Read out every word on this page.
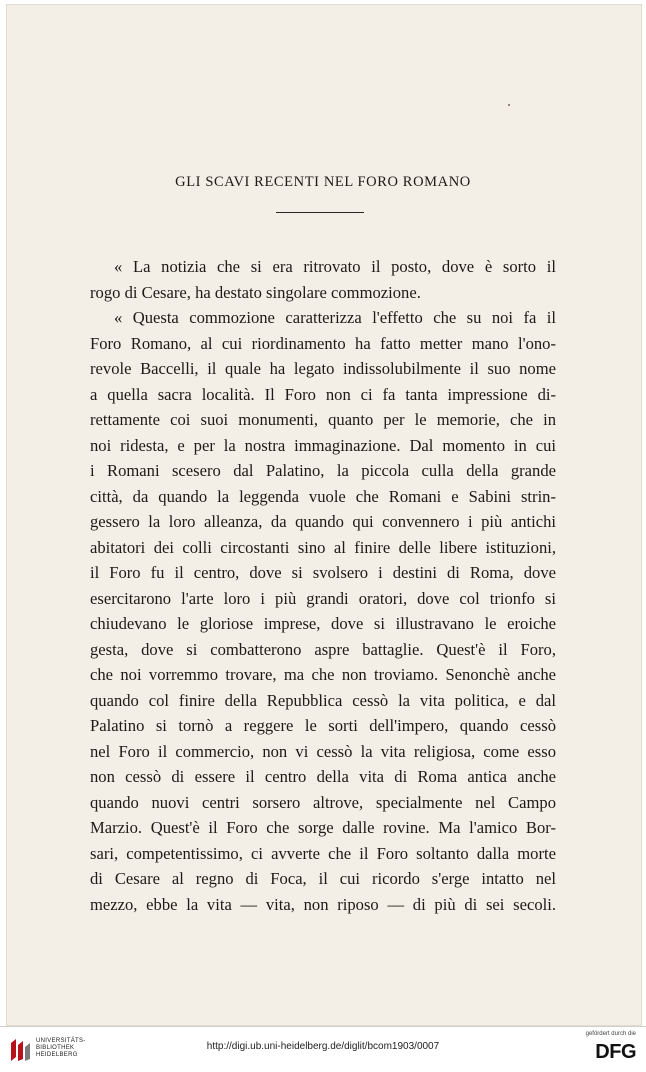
GLI SCAVI RECENTI NEL FORO ROMANO
« La notizia che si era ritrovato il posto, dove è sorto il
rogo di Cesare, ha destato singolare commozione.
« Questa commozione caratterizza l'effetto che su noi fa il
Foro Romano, al cui riordinamento ha fatto metter mano l'ono-
revole Baccelli, il quale ha legato indissolubilmente il suo nome
a quella sacra località. Il Foro non ci fa tanta impressione di-
rettamente coi suoi monumenti, quanto per le memorie, che in
noi ridesta, e per la nostra immaginazione. Dal momento in cui
i Romani scesero dal Palatino, la piccola culla della grande
città, da quando la leggenda vuole che Romani e Sabini strin-
gessero la loro alleanza, da quando qui convennero i più antichi
abitatori dei colli circostanti sino al finire delle libere istituzioni,
il Foro fu il centro, dove si svolsero i destini di Roma, dove
esercitarono l'arte loro i più grandi oratori, dove col trionfo si
chiudevano le gloriose imprese, dove si illustravano le eroiche
gesta, dove si combatterono aspre battaglie. Quest'è il Foro,
che noi vorremmo trovare, ma che non troviamo. Senonchè anche
quando col finire della Repubblica cessò la vita politica, e dal
Palatino si tornò a reggere le sorti dell'impero, quando cessò
nel Foro il commercio, non vi cessò la vita religiosa, come esso
non cessò di essere il centro della vita di Roma antica anche
quando nuovi centri sorsero altrove, specialmente nel Campo
Marzio. Quest'è il Foro che sorge dalle rovine. Ma l'amico Bor-
sari, competentissimo, ci avverte che il Foro soltanto dalla morte
di Cesare al regno di Foca, il cui ricordo s'erge intatto nel
mezzo, ebbe la vita — vita, non riposo — di più di sei secoli.
UNIVERSITÄTS-
BIBLIOTHEK
HEIDELBERG
http://digi.ub.uni-heidelberg.de/diglit/bcom1903/0007
gefördert durch die
DFG
